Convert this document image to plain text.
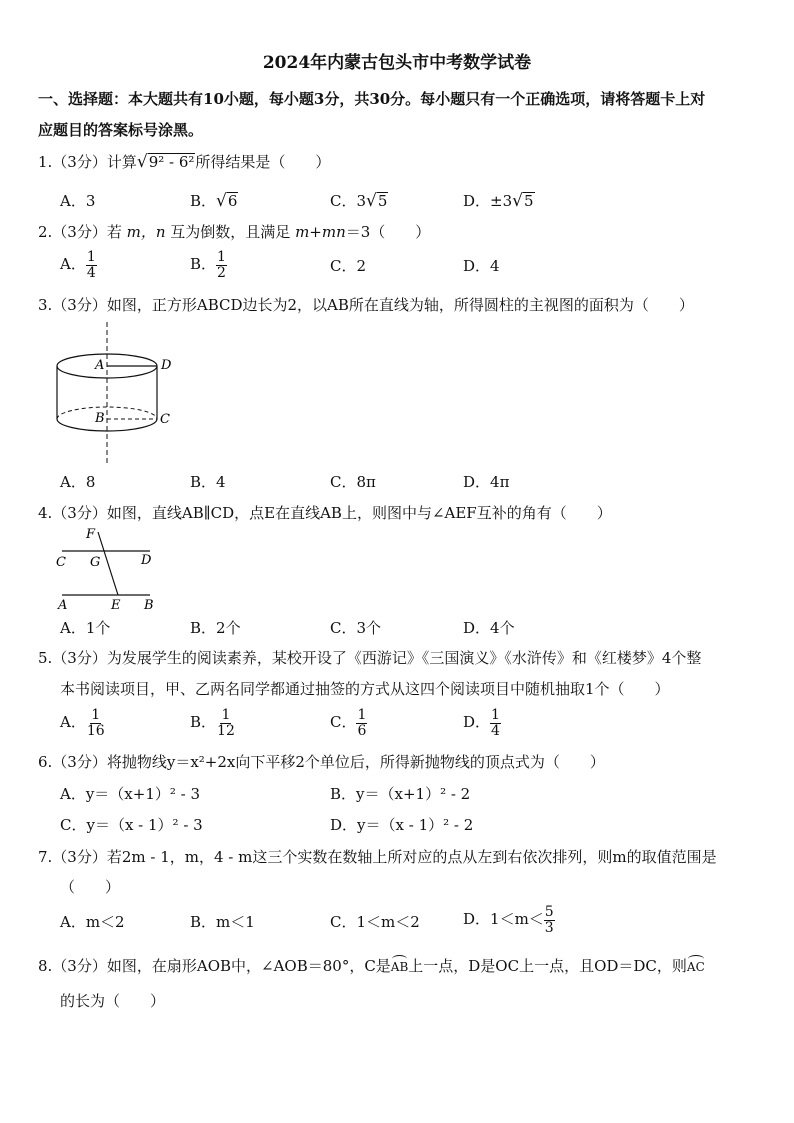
2024年内蒙古包头市中考数学试卷
一、选择题：本大题共有10小题，每小题3分，共30分。每小题只有一个正确选项，请将答题卡上对
应题目的答案标号涂黑。
1.（3分）计算√9² - 6²所得结果是（　　）
A．3	B．√6	C．3√5	D．±3√5
2.（3分）若 m，n 互为倒数，且满足 m+mn＝3（　　）
A． $\frac{1}{4}$	B． $\frac{1}{2}$	C．2	D．4
3.（3分）如图，正方形ABCD边长为2，以AB所在直线为轴，所得圆柱的主视图的面积为（　　）
A	D
B	C
A．8	B．4	C．8π	D．4π
4.（3分）如图，直线AB∥CD，点E在直线AB上，则图中与∠AEF互补的角有（　　）
F
C G	D
A	E B
A．1个	B．2个	C．3个	D．4个
5.（3分）为发展学生的阅读素养，某校开设了《西游记》《三国演义》《水浒传》和《红楼梦》4个整
本书阅读项目，甲、乙两名同学都通过抽签的方式从这四个阅读项目中随机抽取1个（　　）
A． $\frac{1}{16}$	B． $\frac{1}{12}$	C． $\frac{1}{6}$	D． $\frac{1}{4}$
6.（3分）将抛物线y＝x²+2x向下平移2个单位后，所得新抛物线的顶点式为（　　）
A．y＝（x+1）² - 3	B．y＝（x+1）² - 2
C．y＝（x - 1）² - 3	D．y＝（x - 1）² - 2
7.（3分）若2m - 1，m，4 - m这三个实数在数轴上所对应的点从左到右依次排列，则m的取值范围是
（　　）
A．m＜2	B．m＜1	C．1＜m＜2	D．$1<m< \frac{5}{3}$
8.（3分）如图，在扇形AOB中，∠AOB＝80°，C是AB上一点，D是OC上一点，且OD＝DC，则AC
的长为（　　）
